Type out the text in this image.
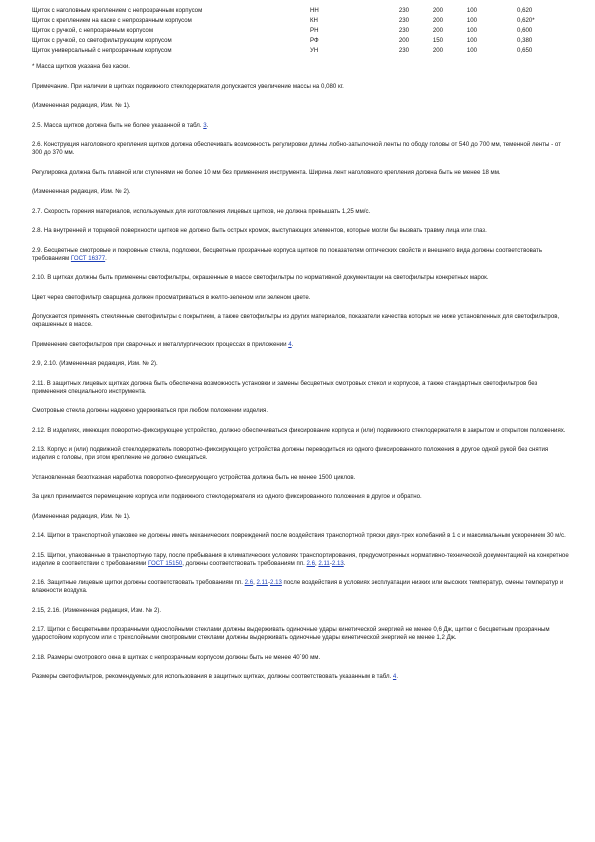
Щиток с наголовным креплением с непрозрачным корпусом	НН	230	200	100	0,620
Щиток с креплением на каске с непрозрачным корпусом	КН	230	200	100	0,620*
Щиток с ручкой, с непрозрачным корпусом	РН	230	200	100	0,600
Щиток с ручкой, со светофильтрующим корпусом	РФ	200	150	100	0,380
Щиток универсальный с непрозрачным корпусом	УН	230	200	100	0,650

* Масса щитков указана без каски.

Примечание. При наличии в щитках подвижного стеклодержателя допускается увеличение массы на 0,080 кг.

(Измененная редакция, Изм. № 1).

2.5. Масса щитков должна быть не более указанной в табл. 3.

2.6. Конструкция наголовного крепления щитков должна обеспечивать возможность регулировки длины лобно-затылочной ленты по ободу головы от 540 до 700 мм, теменной ленты - от 300 до 370 мм.

Регулировка должна быть плавной или ступенями не более 10 мм без применения инструмента. Ширина лент наголовного крепления должна быть не менее 18 мм.

(Измененная редакция, Изм. № 2).

2.7. Скорость горения материалов, используемых для изготовления лицевых щитков, не должна превышать 1,25 мм/с.

2.8. На внутренней и торцевой поверхности щитков не должно быть острых кромок, выступающих элементов, которые могли бы вызвать травму лица или глаз.

2.9. Бесцветные смотровые и покровные стекла, подложки, бесцветные прозрачные корпуса щитков по показателям оптических свойств и внешнего вида должны соответствовать требованиям ГОСТ 16377.

2.10. В щитках должны быть применены светофильтры, окрашенные в массе светофильтры по нормативной документации на светофильтры конкретных марок.

Цвет через светофильтр сварщика должен просматриваться в желто-зеленом или зеленом цвете.

Допускается применять стеклянные светофильтры с покрытием, а также светофильтры из других материалов, показатели качества которых не ниже установленных для светофильтров, окрашенных в массе.

Применение светофильтров при сварочных и металлургических процессах в приложении 4.

2.9, 2.10. (Измененная редакция, Изм. № 2).

2.11. В защитных лицевых щитках должна быть обеспечена возможность установки и замены бесцветных смотровых стекол и корпусов, а также стандартных светофильтров без применения специального инструмента.

Смотровые стекла должны надежно удерживаться при любом положении изделия.

2.12. В изделиях, имеющих поворотно-фиксирующее устройство, должно обеспечиваться фиксирование корпуса и (или) подвижного стеклодержателя в закрытом и открытом положениях.

2.13. Корпус и (или) подвижной стеклодержатель поворотно-фиксирующего устройства должны переводиться из одного фиксированного положения в другое одной рукой без снятия изделия с головы, при этом крепление не должно смещаться.

Установленная безотказная наработка поворотно-фиксирующего устройства должна быть не менее 1500 циклов.

За цикл принимается перемещение корпуса или подвижного стеклодержателя из одного фиксированного положения в другое и обратно.

(Измененная редакция, Изм. № 1).

2.14. Щитки в транспортной упаковке не должны иметь механических повреждений после воздействия транспортной тряски двух-трех колебаний в 1 с и максимальным ускорением 30 м/с.

2.15. Щитки, упакованные в транспортную тару, после пребывания в климатических условиях транспортирования, предусмотренных нормативно-технической документацией на конкретное изделие в соответствии с требованиями ГОСТ 15150, должны соответствовать требованиям пп. 2.6, 2.11-2.13.

2.16. Защитные лицевые щитки должны соответствовать требованиям пп. 2.6, 2.11-2.13 после воздействия в условиях эксплуатации низких или высоких температур, смены температур и влажности воздуха.

2.15, 2.16. (Измененная редакция, Изм. № 2).

2.17. Щитки с бесцветными прозрачными однослойными стеклами должны выдерживать одиночные удары кинетической энергией не менее 0,6 Дж, щитки с бесцветным прозрачным ударостойким корпусом или с трехслойными смотровыми стеклами должны выдерживать одиночные удары кинетической энергией не менее 1,2 Дж.

2.18. Размеры смотрового окна в щитках с непрозрачным корпусом должны быть не менее 40´90 мм.

Размеры светофильтров, рекомендуемых для использования в защитных щитках, должны соответствовать указанным в табл. 4.
